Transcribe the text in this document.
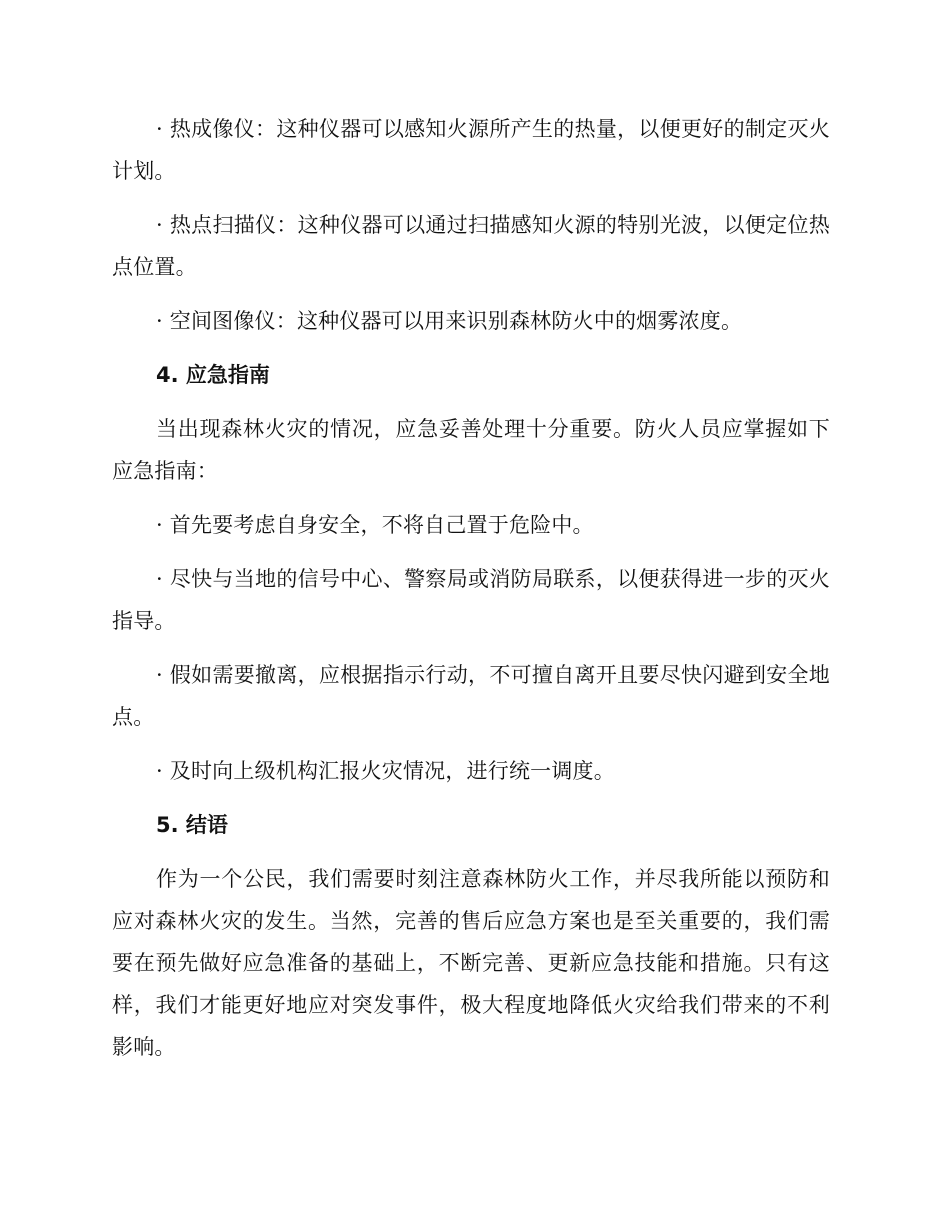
· 热成像仪：这种仪器可以感知火源所产生的热量，以便更好的制定灭火计划。

· 热点扫描仪：这种仪器可以通过扫描感知火源的特别光波，以便定位热点位置。

· 空间图像仪：这种仪器可以用来识别森林防火中的烟雾浓度。

4. 应急指南

当出现森林火灾的情况，应急妥善处理十分重要。防火人员应掌握如下应急指南：

· 首先要考虑自身安全，不将自己置于危险中。

· 尽快与当地的信号中心、警察局或消防局联系，以便获得进一步的灭火指导。

· 假如需要撤离，应根据指示行动，不可擅自离开且要尽快闪避到安全地点。

· 及时向上级机构汇报火灾情况，进行统一调度。

5. 结语

作为一个公民，我们需要时刻注意森林防火工作，并尽我所能以预防和应对森林火灾的发生。当然，完善的售后应急方案也是至关重要的，我们需要在预先做好应急准备的基础上，不断完善、更新应急技能和措施。只有这样，我们才能更好地应对突发事件，极大程度地降低火灾给我们带来的不利影响。
